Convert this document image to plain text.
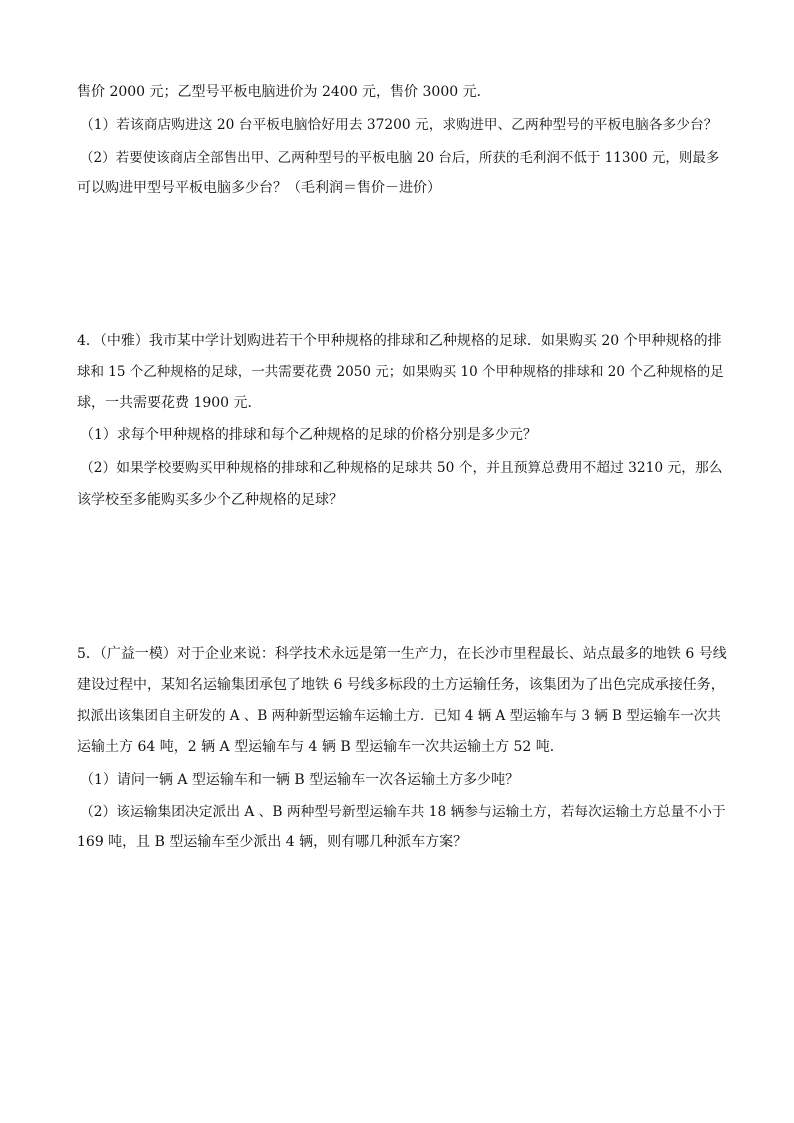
售价 2000 元；乙型号平板电脑进价为 2400 元，售价 3000 元．
（1）若该商店购进这 20 台平板电脑恰好用去 37200 元，求购进甲、乙两种型号的平板电脑各多少台？
（2）若要使该商店全部售出甲、乙两种型号的平板电脑 20 台后，所获的毛利润不低于 11300 元，则最多
可以购进甲型号平板电脑多少台？（毛利润＝售价－进价）
4．（中雅）我市某中学计划购进若干个甲种规格的排球和乙种规格的足球．如果购买 20 个甲种规格的排
球和 15 个乙种规格的足球，一共需要花费 2050 元；如果购买 10 个甲种规格的排球和 20 个乙种规格的足
球，一共需要花费 1900 元．
（1）求每个甲种规格的排球和每个乙种规格的足球的价格分别是多少元？
（2）如果学校要购买甲种规格的排球和乙种规格的足球共 50 个，并且预算总费用不超过 3210 元，那么
该学校至多能购买多少个乙种规格的足球？
5．（广益一模）对于企业来说：科学技术永远是第一生产力，在长沙市里程最长、站点最多的地铁 6 号线
建设过程中，某知名运输集团承包了地铁 6 号线多标段的土方运输任务，该集团为了出色完成承接任务，
拟派出该集团自主研发的 A 、B 两种新型运输车运输土方．已知 4 辆 A 型运输车与 3 辆 B 型运输车一次共
运输土方 64 吨，2 辆 A 型运输车与 4 辆 B 型运输车一次共运输土方 52 吨．
（1）请问一辆 A 型运输车和一辆 B 型运输车一次各运输土方多少吨？
（2）该运输集团决定派出 A 、B 两种型号新型运输车共 18 辆参与运输土方，若每次运输土方总量不小于
169 吨，且 B 型运输车至少派出 4 辆，则有哪几种派车方案？
